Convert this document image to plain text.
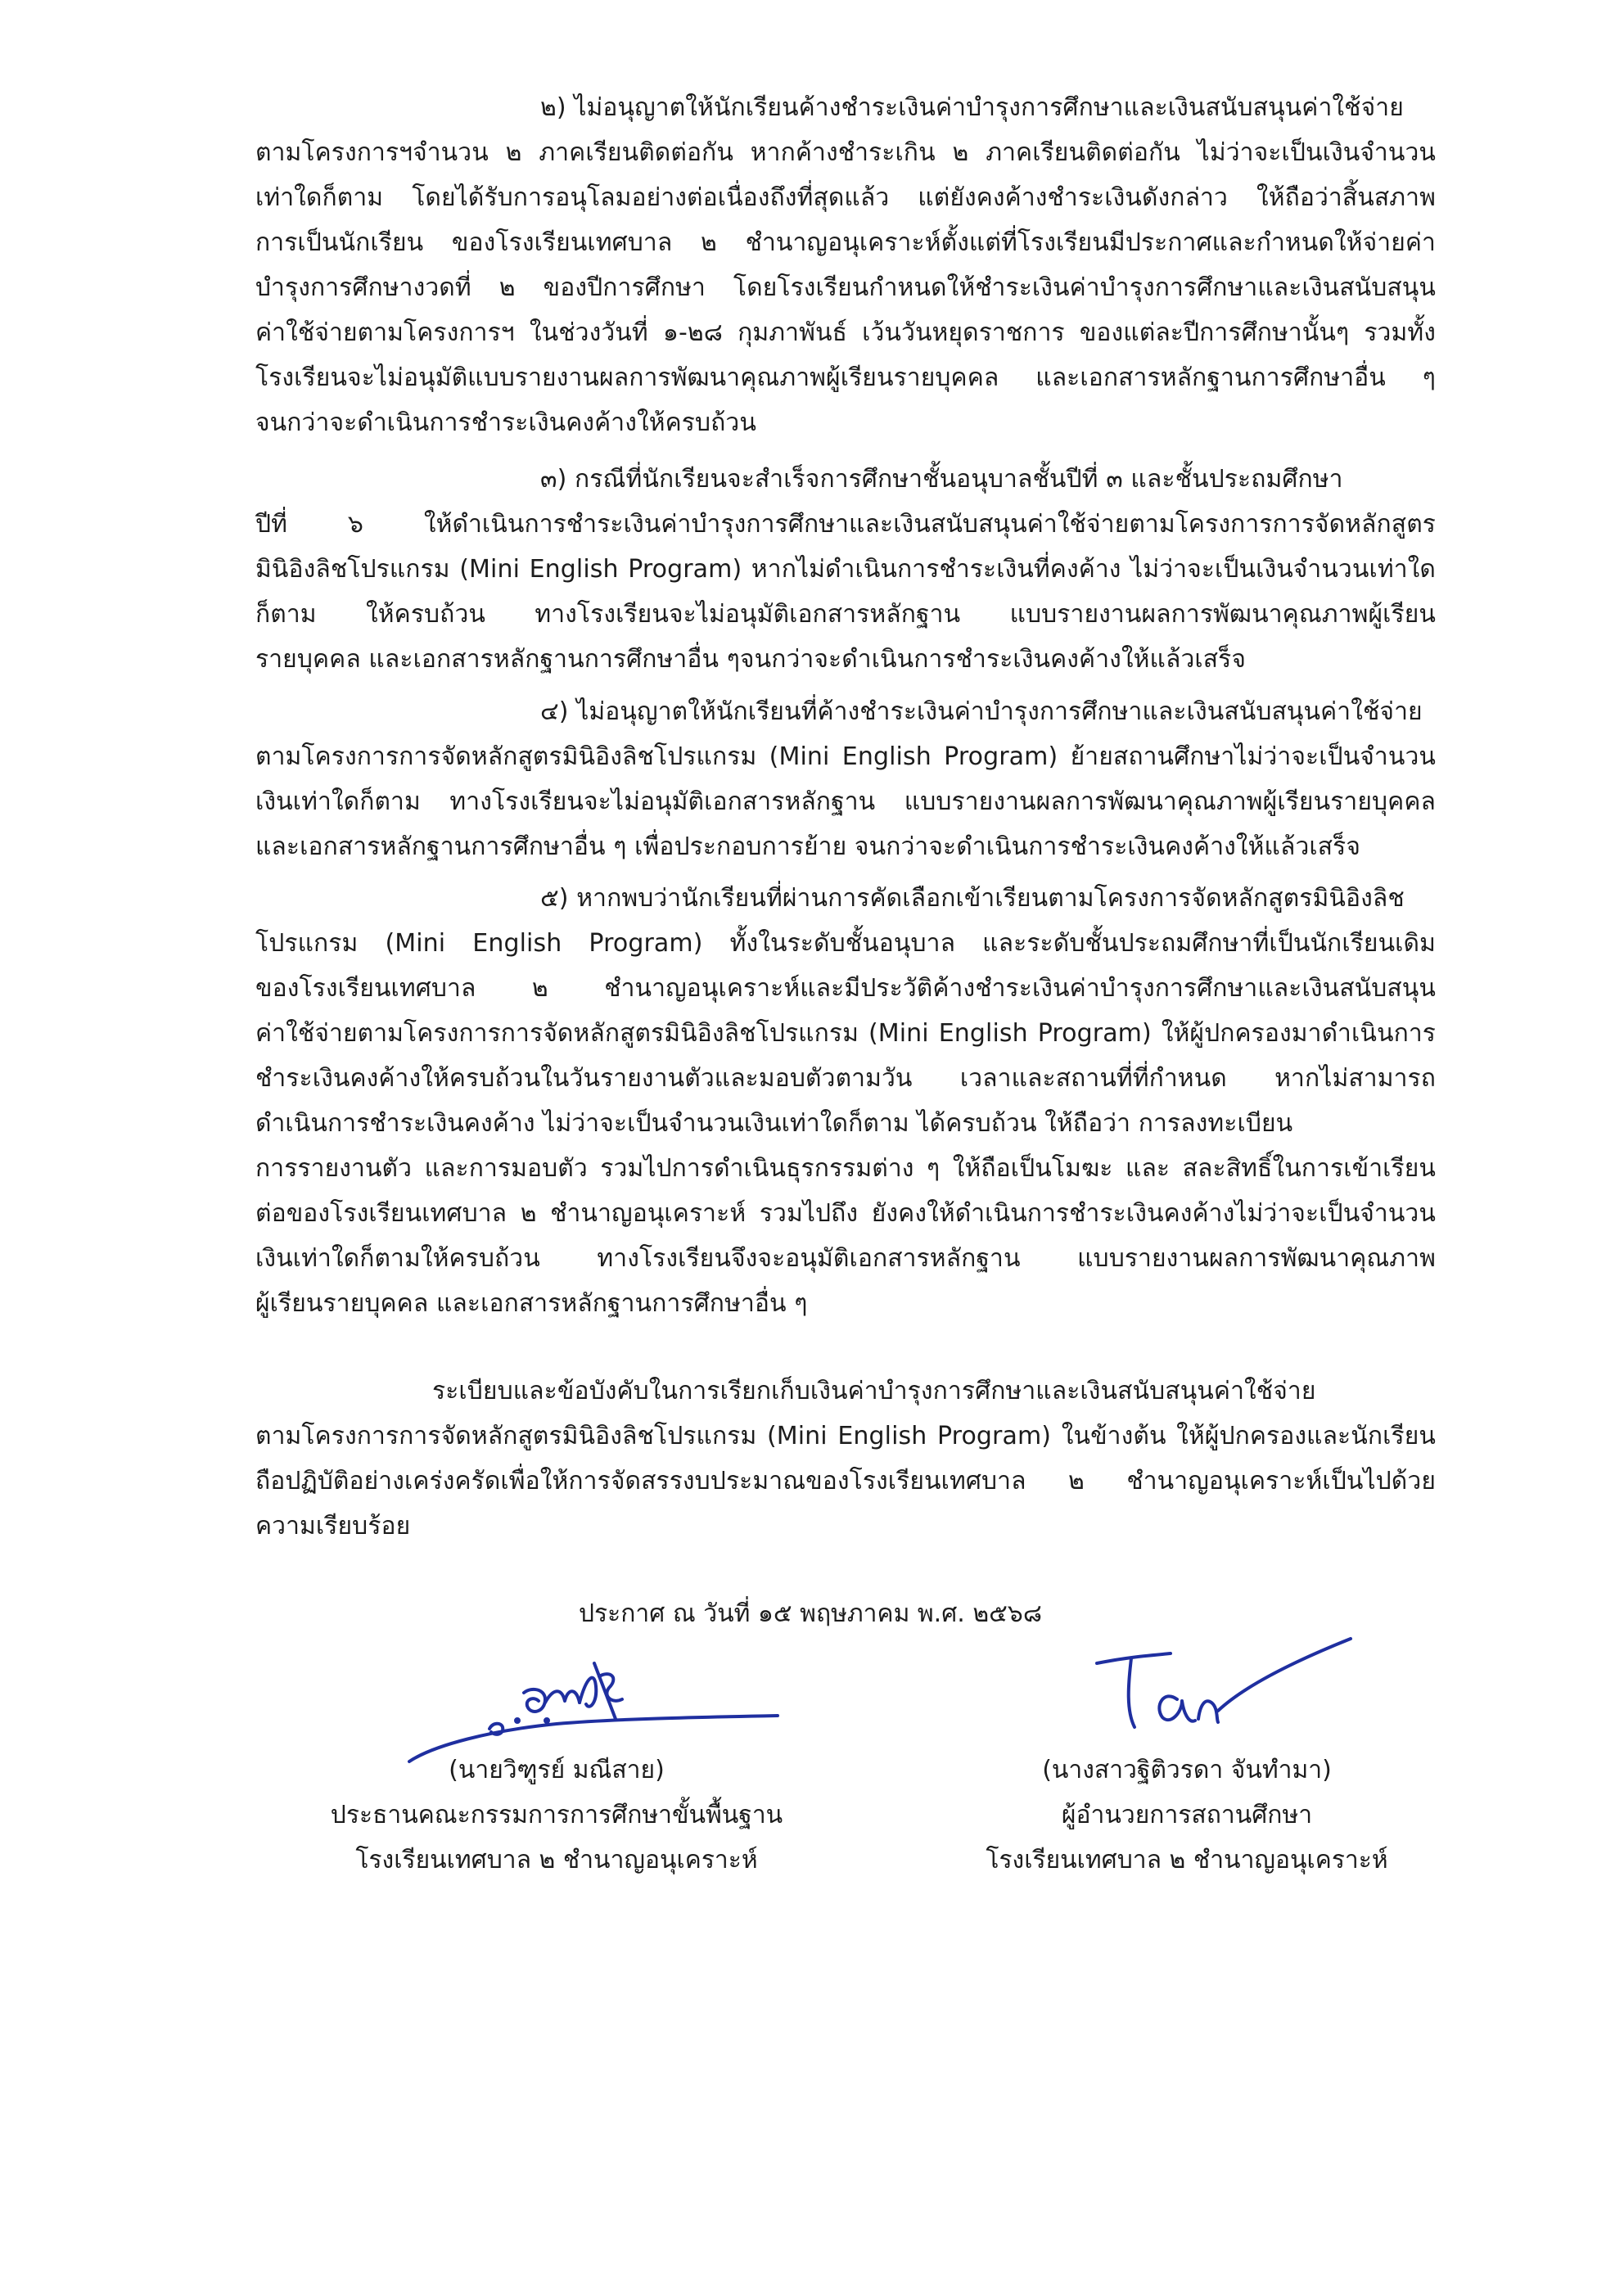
๒) ไม่อนุญาตให้นักเรียนค้างชำระเงินค่าบำรุงการศึกษาและเงินสนับสนุนค่าใช้จ่าย
ตามโครงการฯจำนวน ๒ ภาคเรียนติดต่อกัน หากค้างชำระเกิน ๒ ภาคเรียนติดต่อกัน ไม่ว่าจะเป็นเงินจำนวน
เท่าใดก็ตาม โดยได้รับการอนุโลมอย่างต่อเนื่องถึงที่สุดแล้ว แต่ยังคงค้างชำระเงินดังกล่าว ให้ถือว่าสิ้นสภาพ
การเป็นนักเรียน ของโรงเรียนเทศบาล ๒ ชำนาญอนุเคราะห์ตั้งแต่ที่โรงเรียนมีประกาศและกำหนดให้จ่ายค่า
บำรุงการศึกษางวดที่ ๒ ของปีการศึกษา โดยโรงเรียนกำหนดให้ชำระเงินค่าบำรุงการศึกษาและเงินสนับสนุน
ค่าใช้จ่ายตามโครงการฯ ในช่วงวันที่ ๑-๒๘ กุมภาพันธ์ เว้นวันหยุดราชการ ของแต่ละปีการศึกษานั้นๆ รวมทั้ง
โรงเรียนจะไม่อนุมัติแบบรายงานผลการพัฒนาคุณภาพผู้เรียนรายบุคคล และเอกสารหลักฐานการศึกษาอื่น ๆ
จนกว่าจะดำเนินการชำระเงินคงค้างให้ครบถ้วน
๓) กรณีที่นักเรียนจะสำเร็จการศึกษาชั้นอนุบาลชั้นปีที่ ๓ และชั้นประถมศึกษา
ปีที่ ๖ ให้ดำเนินการชำระเงินค่าบำรุงการศึกษาและเงินสนับสนุนค่าใช้จ่ายตามโครงการการจัดหลักสูตร
มินิอิงลิชโปรแกรม (Mini English Program) หากไม่ดำเนินการชำระเงินที่คงค้าง ไม่ว่าจะเป็นเงินจำนวนเท่าใด
ก็ตาม ให้ครบถ้วน ทางโรงเรียนจะไม่อนุมัติเอกสารหลักฐาน แบบรายงานผลการพัฒนาคุณภาพผู้เรียน
รายบุคคล และเอกสารหลักฐานการศึกษาอื่น ๆจนกว่าจะดำเนินการชำระเงินคงค้างให้แล้วเสร็จ
๔) ไม่อนุญาตให้นักเรียนที่ค้างชำระเงินค่าบำรุงการศึกษาและเงินสนับสนุนค่าใช้จ่าย
ตามโครงการการจัดหลักสูตรมินิอิงลิชโปรแกรม (Mini English Program) ย้ายสถานศึกษาไม่ว่าจะเป็นจำนวน
เงินเท่าใดก็ตาม ทางโรงเรียนจะไม่อนุมัติเอกสารหลักฐาน แบบรายงานผลการพัฒนาคุณภาพผู้เรียนรายบุคคล
และเอกสารหลักฐานการศึกษาอื่น ๆ เพื่อประกอบการย้าย จนกว่าจะดำเนินการชำระเงินคงค้างให้แล้วเสร็จ
๕) หากพบว่านักเรียนที่ผ่านการคัดเลือกเข้าเรียนตามโครงการจัดหลักสูตรมินิอิงลิช
โปรแกรม (Mini English Program) ทั้งในระดับชั้นอนุบาล และระดับชั้นประถมศึกษาที่เป็นนักเรียนเดิม
ของโรงเรียนเทศบาล ๒ ชำนาญอนุเคราะห์และมีประวัติค้างชำระเงินค่าบำรุงการศึกษาและเงินสนับสนุน
ค่าใช้จ่ายตามโครงการการจัดหลักสูตรมินิอิงลิชโปรแกรม (Mini English Program) ให้ผู้ปกครองมาดำเนินการ
ชำระเงินคงค้างให้ครบถ้วนในวันรายงานตัวและมอบตัวตามวัน เวลาและสถานที่ที่กำหนด หากไม่สามารถ
ดำเนินการชำระเงินคงค้าง ไม่ว่าจะเป็นจำนวนเงินเท่าใดก็ตาม ได้ครบถ้วน ให้ถือว่า การลงทะเบียน
การรายงานตัว และการมอบตัว รวมไปการดำเนินธุรกรรมต่าง ๆ ให้ถือเป็นโมฆะ และ สละสิทธิ์ในการเข้าเรียน
ต่อของโรงเรียนเทศบาล ๒ ชำนาญอนุเคราะห์ รวมไปถึง ยังคงให้ดำเนินการชำระเงินคงค้างไม่ว่าจะเป็นจำนวน
เงินเท่าใดก็ตามให้ครบถ้วน ทางโรงเรียนจึงจะอนุมัติเอกสารหลักฐาน แบบรายงานผลการพัฒนาคุณภาพ
ผู้เรียนรายบุคคล และเอกสารหลักฐานการศึกษาอื่น ๆ
ระเบียบและข้อบังคับในการเรียกเก็บเงินค่าบำรุงการศึกษาและเงินสนับสนุนค่าใช้จ่าย
ตามโครงการการจัดหลักสูตรมินิอิงลิชโปรแกรม (Mini English Program) ในข้างต้น ให้ผู้ปกครองและนักเรียน
ถือปฏิบัติอย่างเคร่งครัดเพื่อให้การจัดสรรงบประมาณของโรงเรียนเทศบาล ๒ ชำนาญอนุเคราะห์เป็นไปด้วย
ความเรียบร้อย
ประกาศ ณ วันที่ ๑๕ พฤษภาคม พ.ศ. ๒๕๖๘
(นายวิฑูรย์ มณีสาย)
ประธานคณะกรรมการการศึกษาขั้นพื้นฐาน
โรงเรียนเทศบาล ๒ ชำนาญอนุเคราะห์
(นางสาวฐิติวรดา จันทำมา)
ผู้อำนวยการสถานศึกษา
โรงเรียนเทศบาล ๒ ชำนาญอนุเคราะห์
